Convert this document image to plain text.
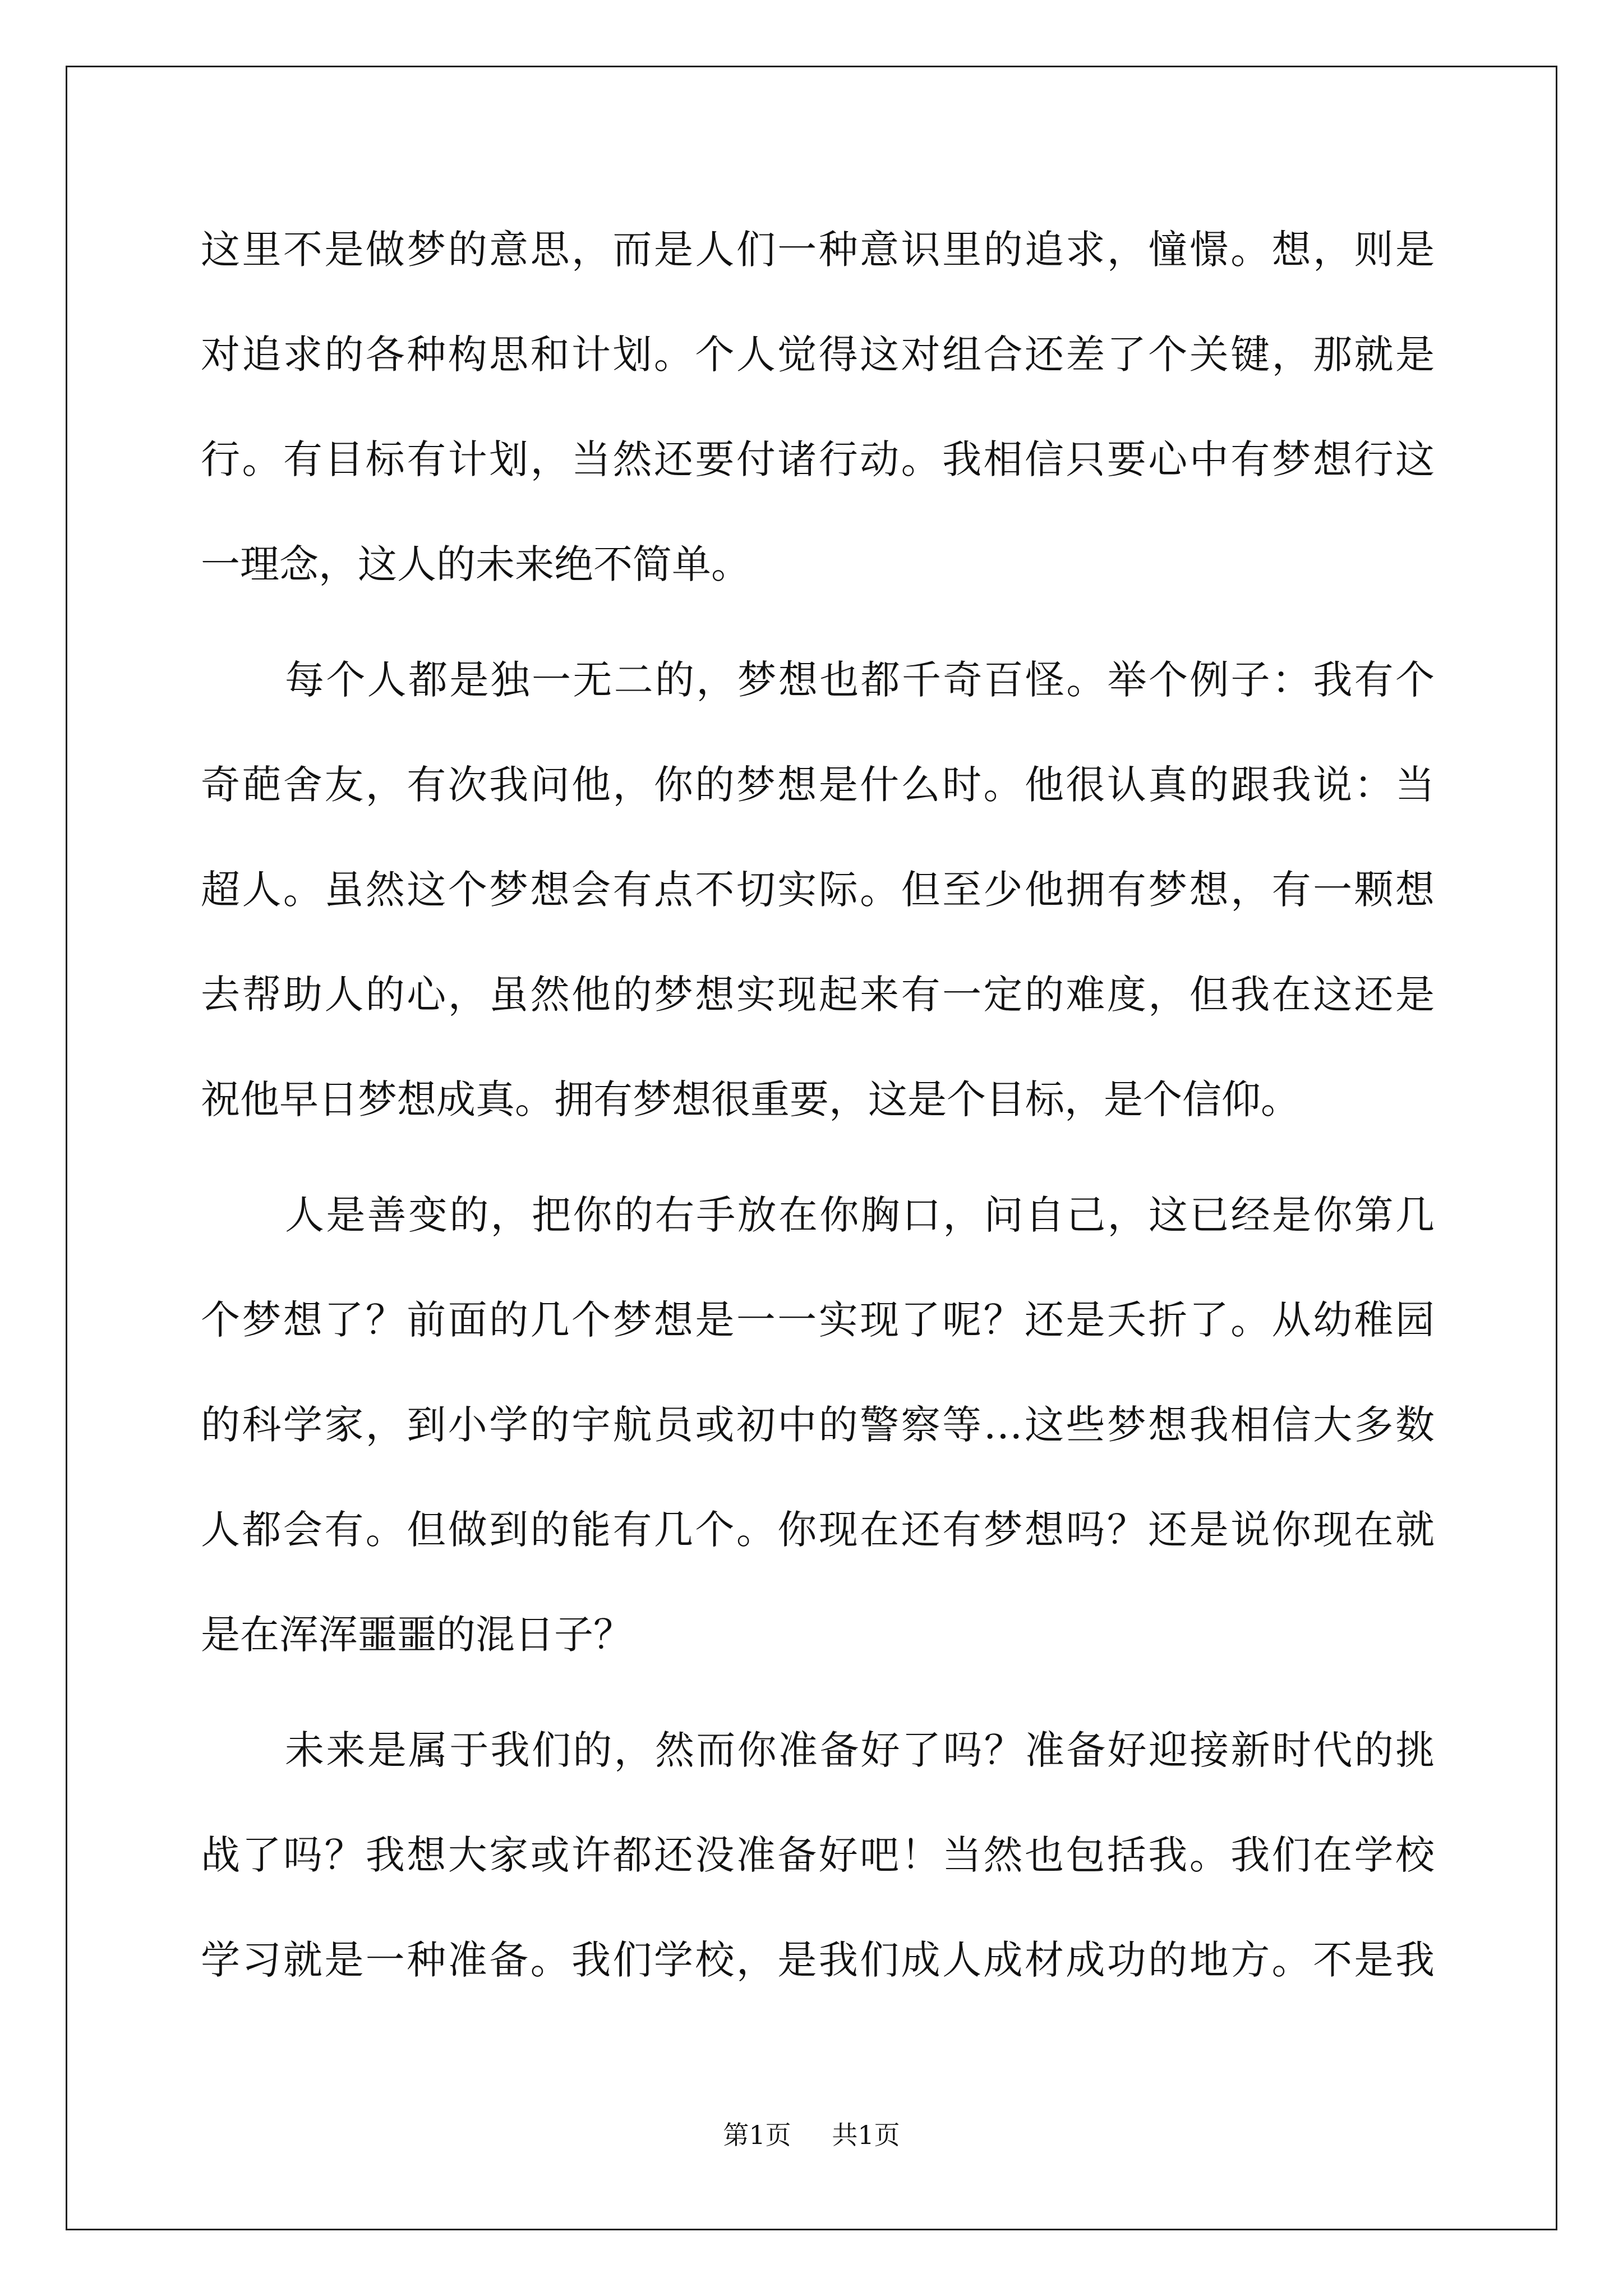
这里不是做梦的意思，而是人们一种意识里的追求，憧憬。想，则是
对追求的各种构思和计划。个人觉得这对组合还差了个关键，那就是
行。有目标有计划，当然还要付诸行动。我相信只要心中有梦想行这
一理念，这人的未来绝不简单。
每个人都是独一无二的，梦想也都千奇百怪。举个例子：我有个
奇葩舍友，有次我问他，你的梦想是什么时。他很认真的跟我说：当
超人。虽然这个梦想会有点不切实际。但至少他拥有梦想，有一颗想
去帮助人的心，虽然他的梦想实现起来有一定的难度，但我在这还是
祝他早日梦想成真。拥有梦想很重要，这是个目标，是个信仰。
人是善变的，把你的右手放在你胸口，问自己，这已经是你第几
个梦想了？前面的几个梦想是一一实现了呢？还是夭折了。从幼稚园
的科学家，到小学的宇航员或初中的警察等…这些梦想我相信大多数
人都会有。但做到的能有几个。你现在还有梦想吗？还是说你现在就
是在浑浑噩噩的混日子？
未来是属于我们的，然而你准备好了吗？准备好迎接新时代的挑
战了吗？我想大家或许都还没准备好吧！当然也包括我。我们在学校
学习就是一种准备。我们学校，是我们成人成材成功的地方。不是我
第1页 共1页
